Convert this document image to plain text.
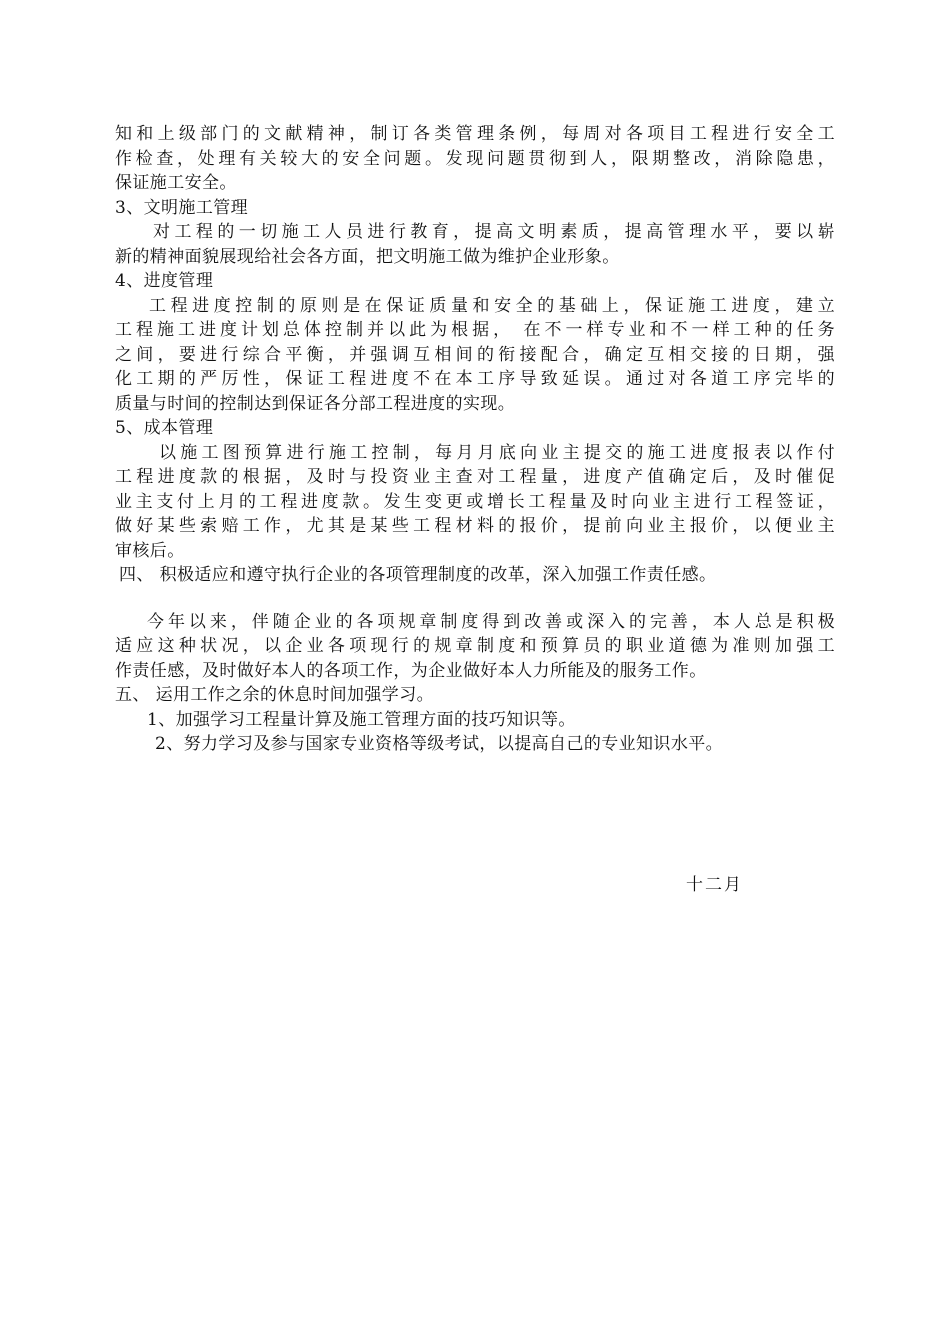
知和上级部门的文献精神，制订各类管理条例，每周对各项目工程进行安全工
作检查，处理有关较大的安全问题。发现问题贯彻到人，限期整改，消除隐患，
保证施工安全。
3、文明施工管理
对工程的一切施工人员进行教育，提高文明素质，提高管理水平，要以崭
新的精神面貌展现给社会各方面，把文明施工做为维护企业形象。
4、进度管理
工程进度控制的原则是在保证质量和安全的基础上，保证施工进度，建立
工程施工进度计划总体控制并以此为根据， 在不一样专业和不一样工种的任务
之间，要进行综合平衡，并强调互相间的衔接配合，确定互相交接的日期，强
化工期的严厉性，保证工程进度不在本工序导致延误。通过对各道工序完毕的
质量与时间的控制达到保证各分部工程进度的实现。
5、成本管理
以施工图预算进行施工控制，每月月底向业主提交的施工进度报表以作付
工程进度款的根据，及时与投资业主查对工程量，进度产值确定后，及时催促
业主支付上月的工程进度款。发生变更或增长工程量及时向业主进行工程签证，
做好某些索赔工作，尤其是某些工程材料的报价，提前向业主报价，以便业主
审核后。
四、 积极适应和遵守执行企业的各项管理制度的改革，深入加强工作责任感。
今年以来，伴随企业的各项规章制度得到改善或深入的完善，本人总是积极
适应这种状况，以企业各项现行的规章制度和预算员的职业道德为准则加强工
作责任感，及时做好本人的各项工作，为企业做好本人力所能及的服务工作。
五、 运用工作之余的休息时间加强学习。
1、加强学习工程量计算及施工管理方面的技巧知识等。
2、努力学习及参与国家专业资格等级考试，以提高自己的专业知识水平。
十二月
